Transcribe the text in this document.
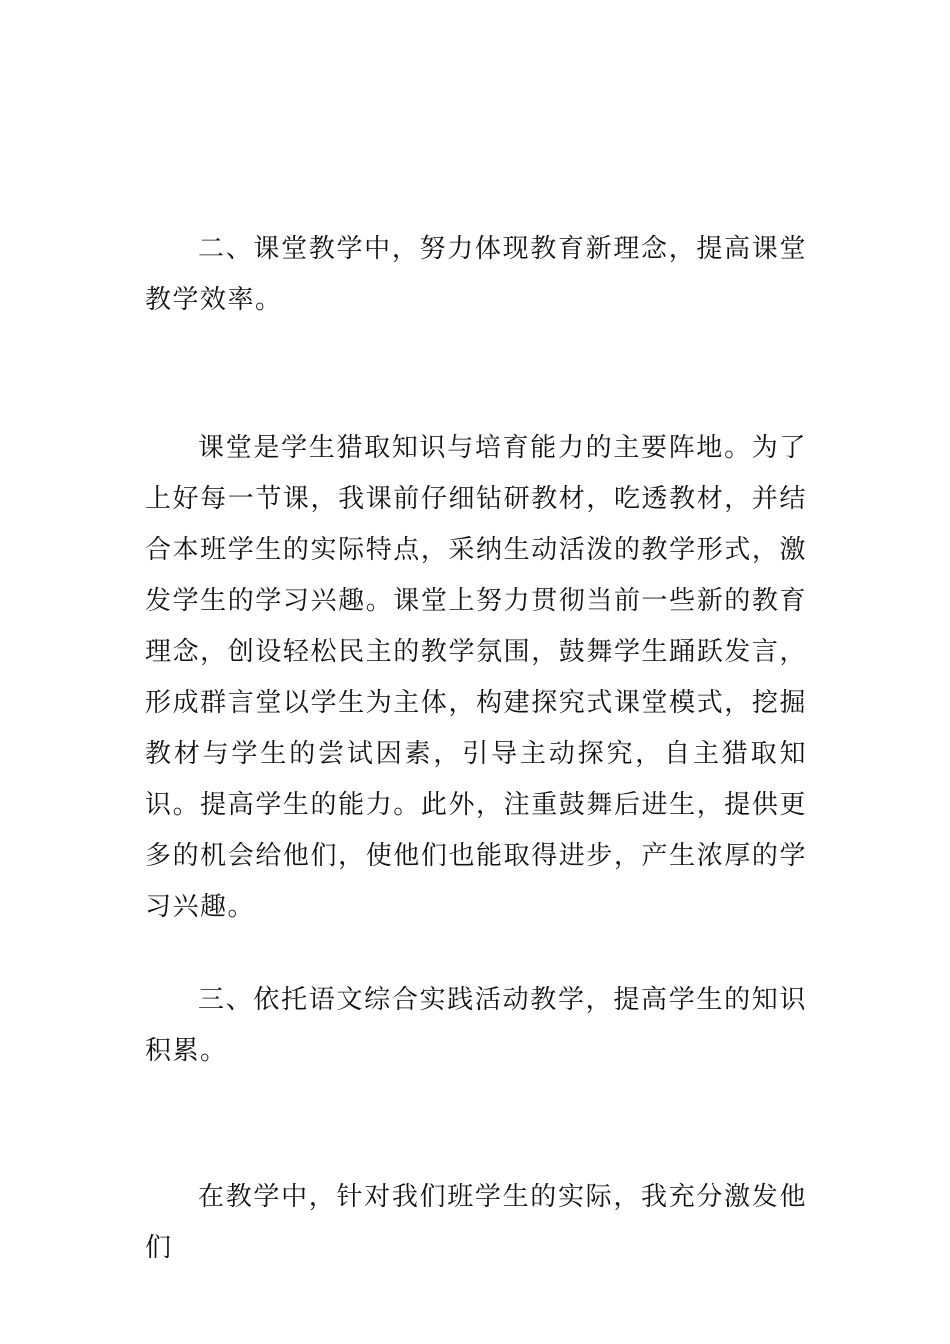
二、课堂教学中，努力体现教育新理念，提高课堂教学效率。

课堂是学生猎取知识与培育能力的主要阵地。为了上好每一节课，我课前仔细钻研教材，吃透教材，并结合本班学生的实际特点，采纳生动活泼的教学形式，激发学生的学习兴趣。课堂上努力贯彻当前一些新的教育理念，创设轻松民主的教学氛围，鼓舞学生踊跃发言，形成群言堂以学生为主体，构建探究式课堂模式，挖掘教材与学生的尝试因素，引导主动探究，自主猎取知识。提高学生的能力。此外，注重鼓舞后进生，提供更多的机会给他们，使他们也能取得进步，产生浓厚的学习兴趣。

三、依托语文综合实践活动教学，提高学生的知识积累。

在教学中，针对我们班学生的实际，我充分激发他们
